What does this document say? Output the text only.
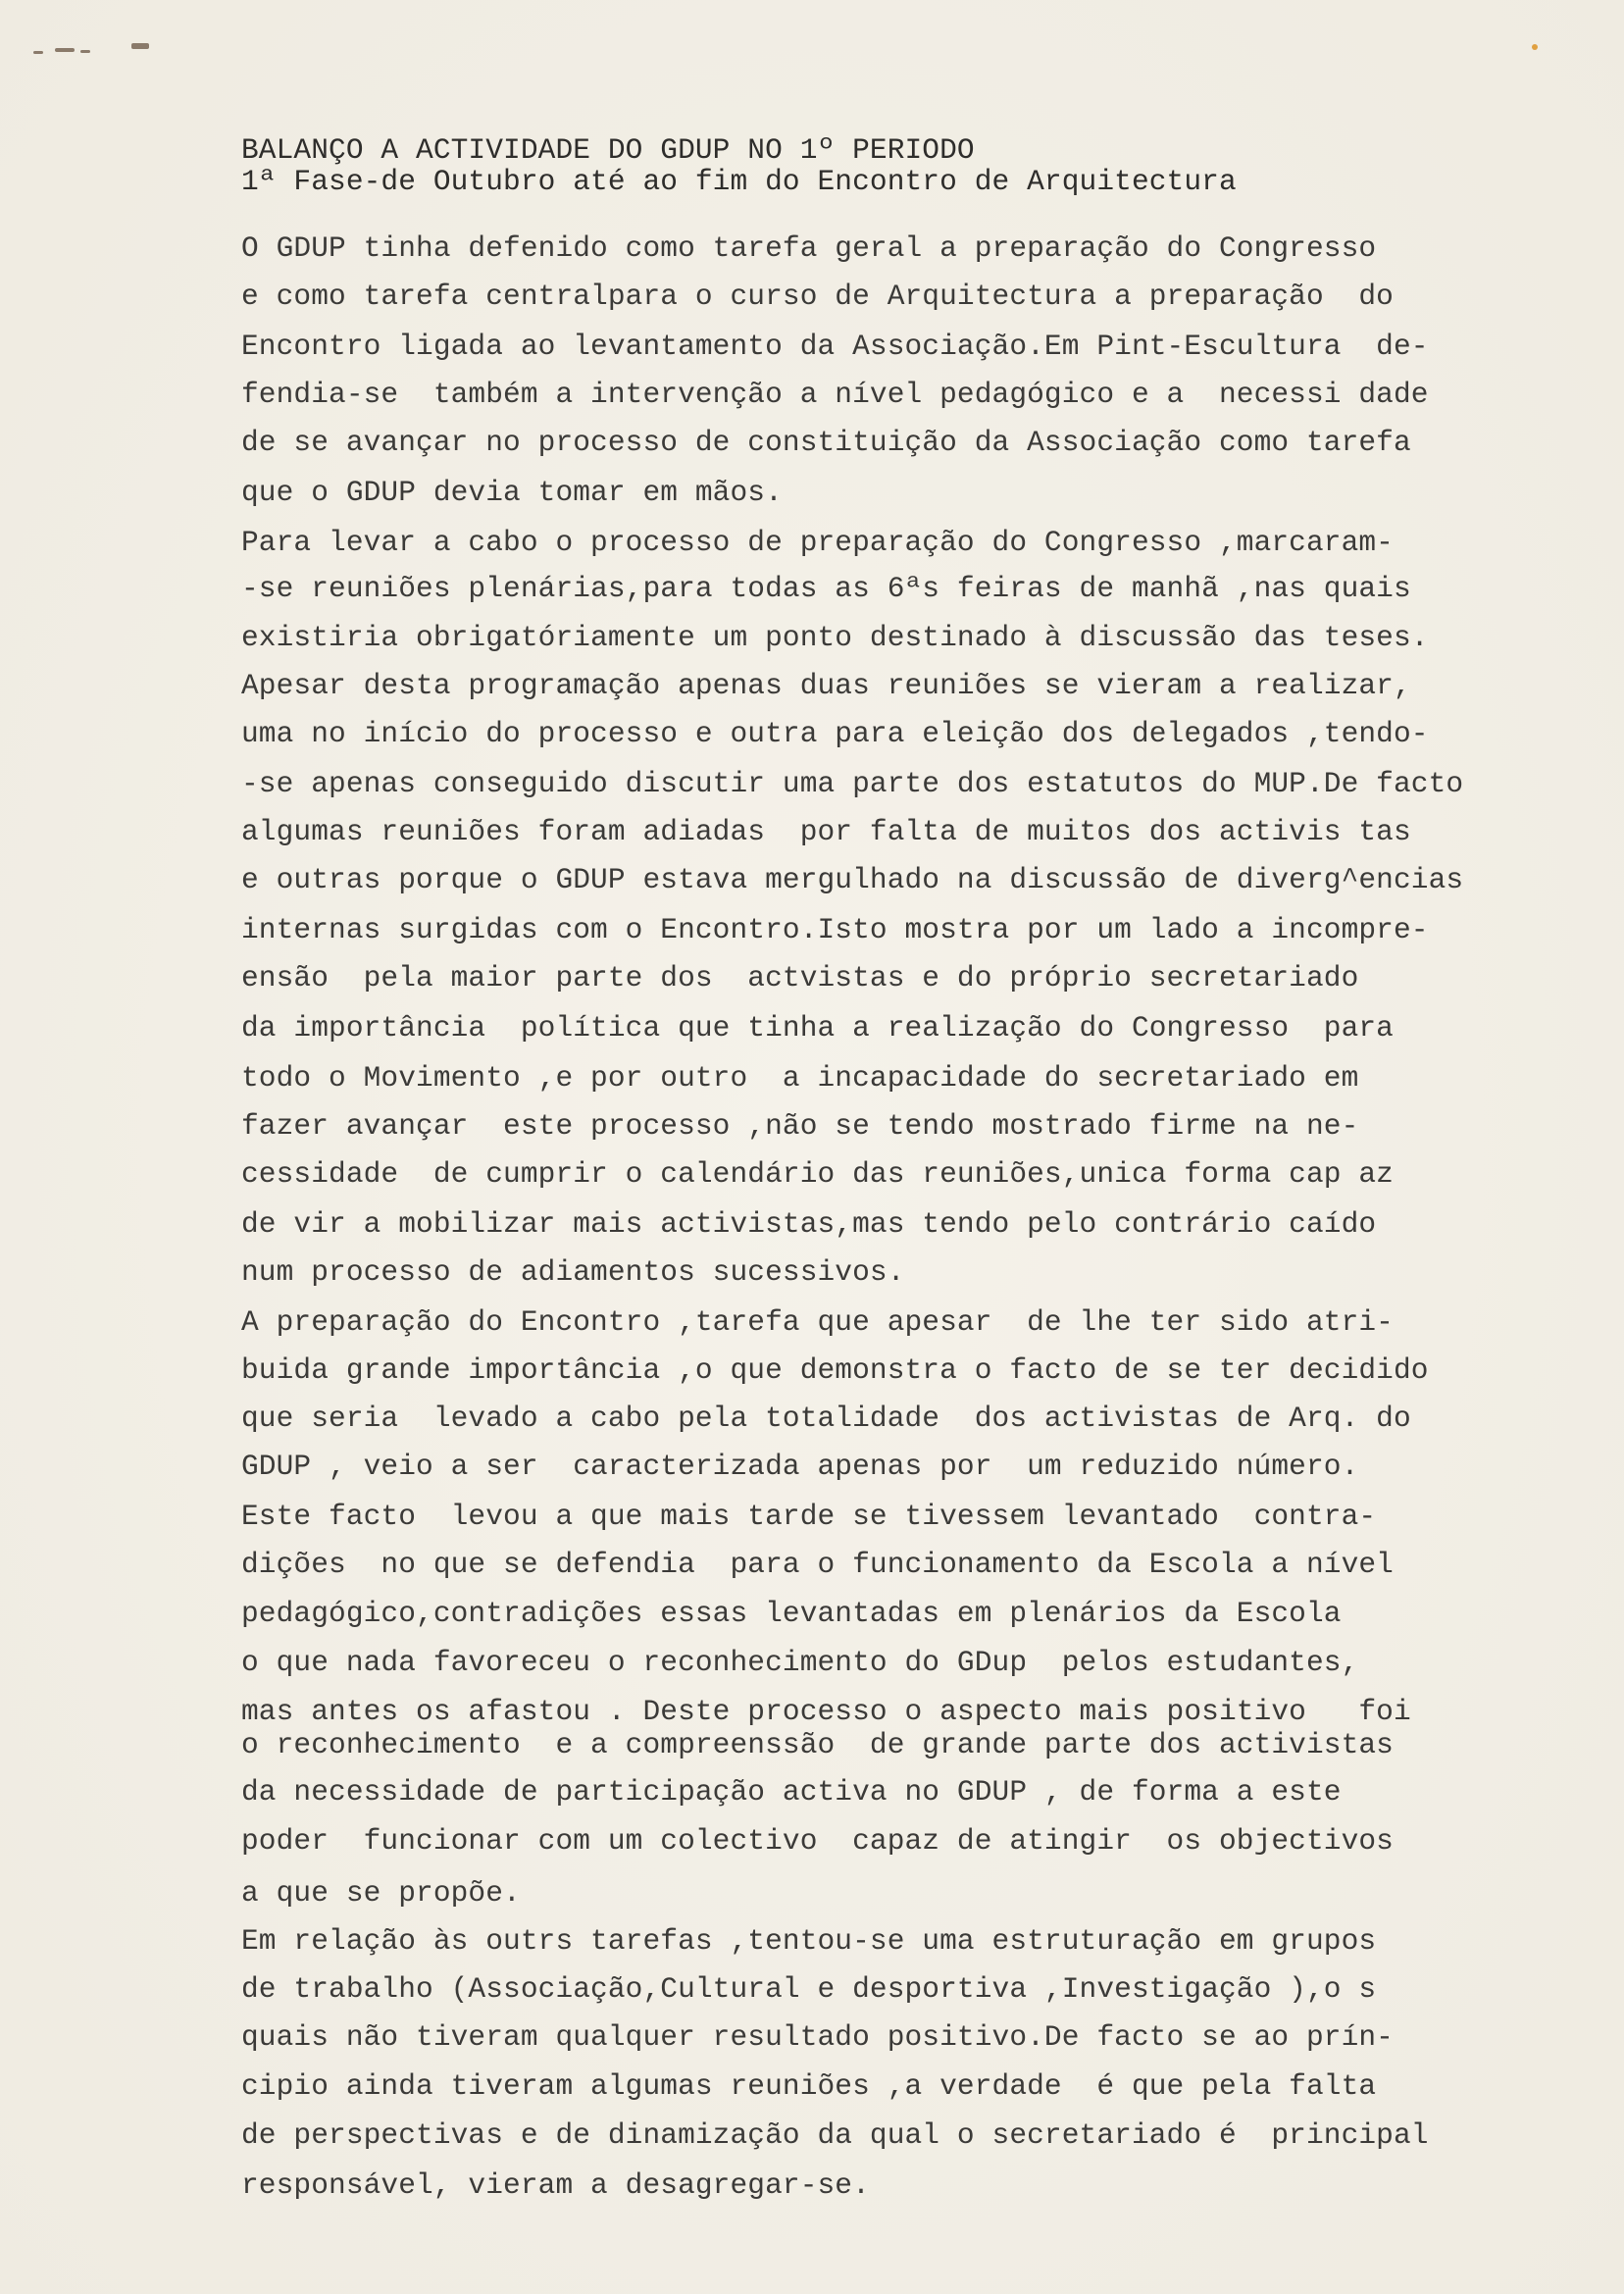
BALANÇO A ACTIVIDADE DO GDUP NO 1º PERIODO
1ª Fase-de Outubro até ao fim do Encontro de Arquitectura
O GDUP tinha defenido como tarefa geral a preparação do Congresso
e como tarefa centralpara o curso de Arquitectura a preparação  do
Encontro ligada ao levantamento da Associação.Em Pint-Escultura  de-
fendia-se  também a intervenção a nível pedagógico e a  necessi dade
de se avançar no processo de constituição da Associação como tarefa
que o GDUP devia tomar em mãos.
Para levar a cabo o processo de preparação do Congresso ,marcaram-
-se reuniões plenárias,para todas as 6ªs feiras de manhã ,nas quais
existiria obrigatóriamente um ponto destinado à discussão das teses.
Apesar desta programação apenas duas reuniões se vieram a realizar,
uma no início do processo e outra para eleição dos delegados ,tendo-
-se apenas conseguido discutir uma parte dos estatutos do MUP.De facto
algumas reuniões foram adiadas  por falta de muitos dos activis tas
e outras porque o GDUP estava mergulhado na discussão de diverg^encias
internas surgidas com o Encontro.Isto mostra por um lado a incompre-
ensão  pela maior parte dos  actvistas e do próprio secretariado
da importância  política que tinha a realização do Congresso  para
todo o Movimento ,e por outro  a incapacidade do secretariado em
fazer avançar  este processo ,não se tendo mostrado firme na ne-
cessidade  de cumprir o calendário das reuniões,unica forma cap az
de vir a mobilizar mais activistas,mas tendo pelo contrário caído
num processo de adiamentos sucessivos.
A preparação do Encontro ,tarefa que apesar  de lhe ter sido atri-
buida grande importância ,o que demonstra o facto de se ter decidido
que seria  levado a cabo pela totalidade  dos activistas de Arq. do
GDUP , veio a ser  caracterizada apenas por  um reduzido número.
Este facto  levou a que mais tarde se tivessem levantado  contra-
dições  no que se defendia  para o funcionamento da Escola a nível
pedagógico,contradições essas levantadas em plenários da Escola
o que nada favoreceu o reconhecimento do GDup  pelos estudantes,
mas antes os afastou . Deste processo o aspecto mais positivo   foi
o reconhecimento  e a compreenssão  de grande parte dos activistas
da necessidade de participação activa no GDUP , de forma a este
poder  funcionar com um colectivo  capaz de atingir  os objectivos
a que se propõe.
Em relação às outrs tarefas ,tentou-se uma estruturação em grupos
de trabalho (Associação,Cultural e desportiva ,Investigação ),o s
quais não tiveram qualquer resultado positivo.De facto se ao prín-
cipio ainda tiveram algumas reuniões ,a verdade  é que pela falta
de perspectivas e de dinamização da qual o secretariado é  principal
responsável, vieram a desagregar-se.
